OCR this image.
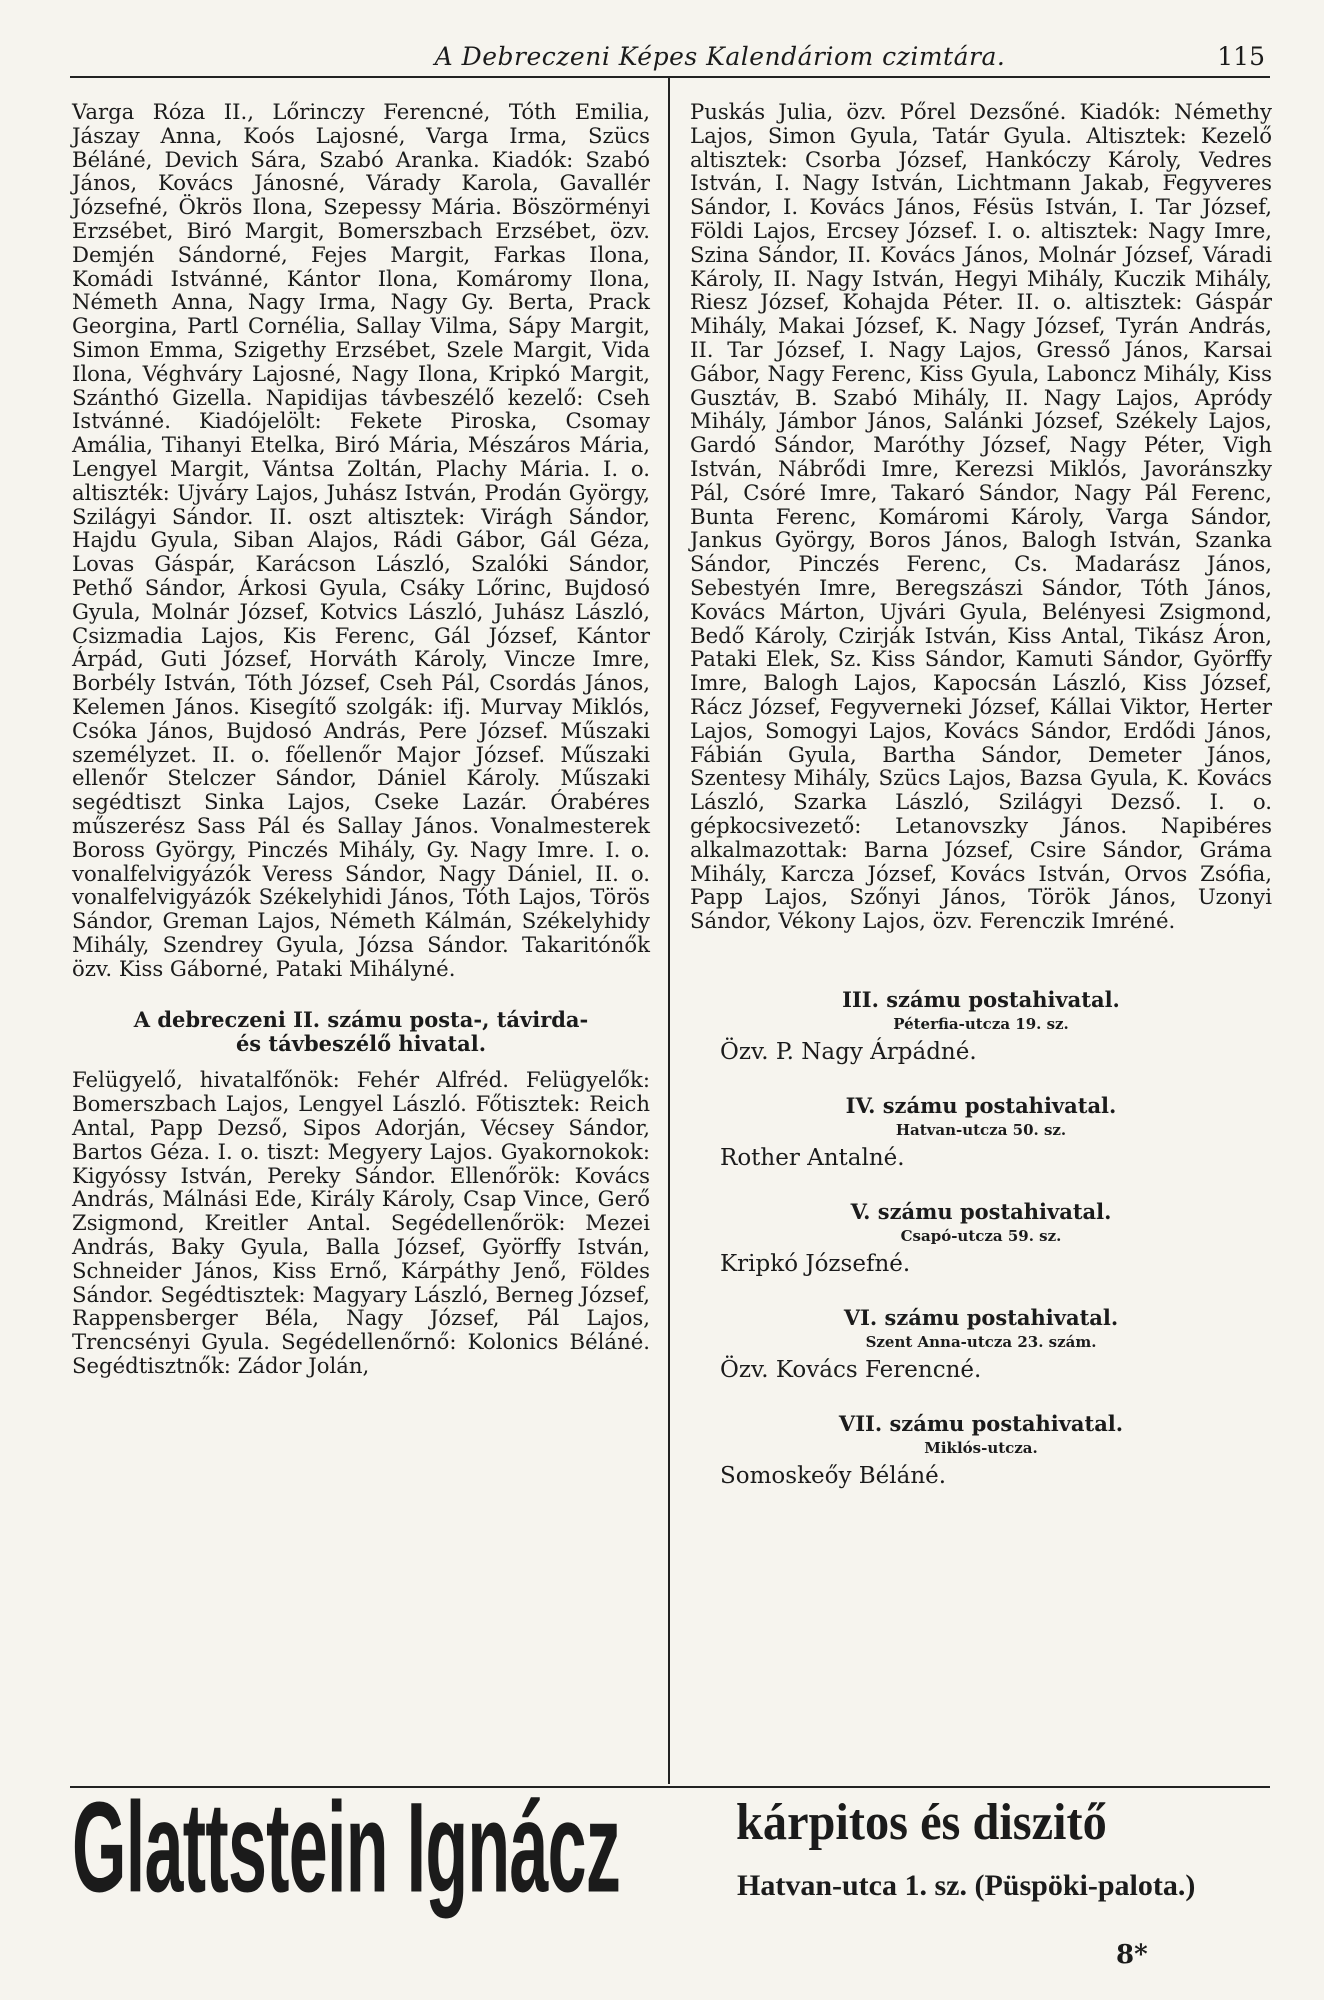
A Debreczeni Képes Kalendáriom czimtára.	115

Varga Róza II., Lőrinczy Ferencné, Tóth Emilia, Jászay Anna, Koós Lajosné, Varga Irma, Szücs Béláné, Devich Sára, Szabó Aranka. Kiadók: Szabó János, Kovács Jánosné, Várady Karola, Gavallér Józsefné, Ökrös Ilona, Szepessy Mária. Böszörményi Erzsébet, Biró Margit, Bomerszbach Erzsébet, özv. Demjén Sándorné, Fejes Margit, Farkas Ilona, Komádi Istvánné, Kántor Ilona, Komáromy Ilona, Németh Anna, Nagy Irma, Nagy Gy. Berta, Prack Georgina, Partl Cornélia, Sallay Vilma, Sápy Margit, Simon Emma, Szigethy Erzsébet, Szele Margit, Vida Ilona, Véghváry Lajosné, Nagy Ilona, Kripkó Margit, Szánthó Gizella. Napidijas távbeszélő kezelő: Cseh Istvánné. Kiadójelölt: Fekete Piroska, Csomay Amália, Tihanyi Etelka, Biró Mária, Mészáros Mária, Lengyel Margit, Vántsa Zoltán, Plachy Mária. I. o. altiszték: Ujváry Lajos, Juhász István, Prodán György, Szilágyi Sándor. II. oszt altisztek: Virágh Sándor, Hajdu Gyula, Siban Alajos, Rádi Gábor, Gál Géza, Lovas Gáspár, Karácson László, Szalóki Sándor, Pethő Sándor, Árkosi Gyula, Csáky Lőrinc, Bujdosó Gyula, Molnár József, Kotvics László, Juhász László, Csizmadia Lajos, Kis Ferenc, Gál József, Kántor Árpád, Guti József, Horváth Károly, Vincze Imre, Borbély István, Tóth József, Cseh Pál, Csordás János, Kelemen János. Kisegítő szolgák: ifj. Murvay Miklós, Csóka János, Bujdosó András, Pere József. Műszaki személyzet. II. o. főellenőr Major József. Műszaki ellenőr Stelczer Sándor, Dániel Károly. Műszaki segédtiszt Sinka Lajos, Cseke Lazár. Órabéres műszerész Sass Pál és Sallay János. Vonalmesterek Boross György, Pinczés Mihály, Gy. Nagy Imre. I. o. vonalfelvigyázók Veress Sándor, Nagy Dániel, II. o. vonalfelvigyázók Székelyhidi János, Tóth Lajos, Törös Sándor, Greman Lajos, Németh Kálmán, Székelyhidy Mihály, Szendrey Gyula, Józsa Sándor. Takaritónők özv. Kiss Gáborné, Pataki Mihályné.

A debreczeni II. számu posta-, távirda-
és távbeszélő hivatal.

Felügyelő, hivatalfőnök: Fehér Alfréd. Felügyelők: Bomerszbach Lajos, Lengyel László. Főtisztek: Reich Antal, Papp Dezső, Sipos Adorján, Vécsey Sándor, Bartos Géza. I. o. tiszt: Megyery Lajos. Gyakornokok: Kigyóssy István, Pereky Sándor. Ellenőrök: Kovács András, Málnási Ede, Király Károly, Csap Vince, Gerő Zsigmond, Kreitler Antal. Segédellenőrök: Mezei András, Baky Gyula, Balla József, Györffy István, Schneider János, Kiss Ernő, Kárpáthy Jenő, Földes Sándor. Segédtisztek: Magyary László, Berneg József, Rappensberger Béla, Nagy József, Pál Lajos, Trencsényi Gyula. Segédellenőrnő: Kolonics Béláné. Segédtisztnők: Zádor Jolán,

Puskás Julia, özv. Pőrel Dezsőné. Kiadók: Némethy Lajos, Simon Gyula, Tatár Gyula. Altisztek: Kezelő altisztek: Csorba József, Hankóczy Károly, Vedres István, I. Nagy István, Lichtmann Jakab, Fegyveres Sándor, I. Kovács János, Fésüs István, I. Tar József, Földi Lajos, Ercsey József. I. o. altisztek: Nagy Imre, Szina Sándor, II. Kovács János, Molnár József, Váradi Károly, II. Nagy István, Hegyi Mihály, Kuczik Mihály, Riesz József, Kohajda Péter. II. o. altisztek: Gáspár Mihály, Makai József, K. Nagy József, Tyrán András, II. Tar József, I. Nagy Lajos, Gresső János, Karsai Gábor, Nagy Ferenc, Kiss Gyula, Laboncz Mihály, Kiss Gusztáv, B. Szabó Mihály, II. Nagy Lajos, Apródy Mihály, Jámbor János, Salánki József, Székely Lajos, Gardó Sándor, Maróthy József, Nagy Péter, Vigh István, Nábrődi Imre, Kerezsi Miklós, Javoránszky Pál, Csóré Imre, Takaró Sándor, Nagy Pál Ferenc, Bunta Ferenc, Komáromi Károly, Varga Sándor, Jankus György, Boros János, Balogh István, Szanka Sándor, Pinczés Ferenc, Cs. Madarász János, Sebestyén Imre, Beregszászi Sándor, Tóth János, Kovács Márton, Ujvári Gyula, Belényesi Zsigmond, Bedő Károly, Czirják István, Kiss Antal, Tikász Áron, Pataki Elek, Sz. Kiss Sándor, Kamuti Sándor, Györffy Imre, Balogh Lajos, Kapocsán László, Kiss József, Rácz József, Fegyverneki József, Kállai Viktor, Herter Lajos, Somogyi Lajos, Kovács Sándor, Erdődi János, Fábián Gyula, Bartha Sándor, Demeter János, Szentesy Mihály, Szücs Lajos, Bazsa Gyula, K. Kovács László, Szarka László, Szilágyi Dezső. I. o. gépkocsivezető: Letanovszky János. Napibéres alkalmazottak: Barna József, Csire Sándor, Gráma Mihály, Karcza József, Kovács István, Orvos Zsófia, Papp Lajos, Szőnyi János, Török János, Uzonyi Sándor, Vékony Lajos, özv. Ferenczik Imréné.

III. számu postahivatal.
Péterfia-utcza 19. sz.
Özv. P. Nagy Árpádné.
IV. számu postahivatal.
Hatvan-utcza 50. sz.
Rother Antalné.
V. számu postahivatal.
Csapó-utcza 59. sz.
Kripkó Józsefné.
VI. számu postahivatal.
Szent Anna-utcza 23. szám.
Özv. Kovács Ferencné.
VII. számu postahivatal.
Miklós-utcza.
Somoskeőy Béláné.
Glattstein Ignácz kárpitos és diszitő
Hatvan-utca 1. sz. (Püspöki-palota.)
8*
